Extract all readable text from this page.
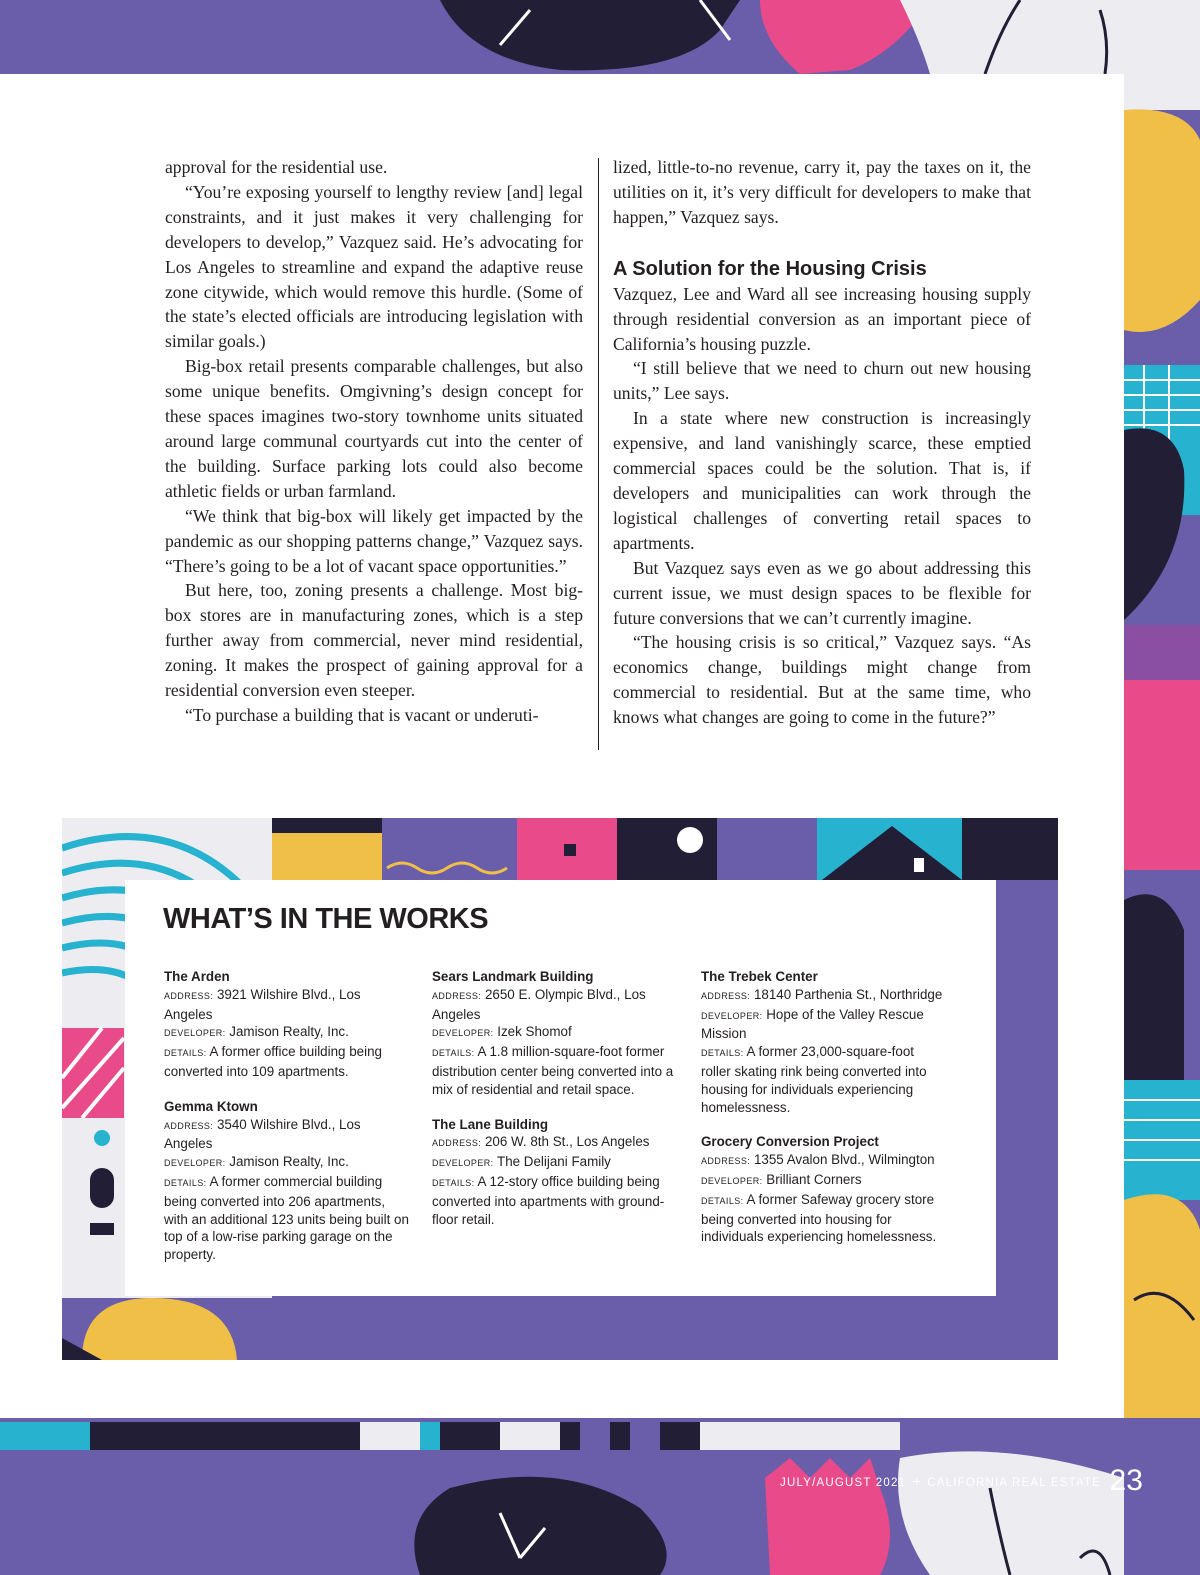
approval for the residential use.

“You’re exposing yourself to lengthy review [and] legal constraints, and it just makes it very challenging for developers to develop,” Vazquez said. He’s advocating for Los Angeles to streamline and expand the adaptive reuse zone citywide, which would remove this hurdle. (Some of the state’s elected officials are introducing legislation with similar goals.)

Big-box retail presents comparable challenges, but also some unique benefits. Omgivning’s design concept for these spaces imagines two-story townhome units situated around large communal courtyards cut into the center of the building. Surface parking lots could also become athletic fields or urban farmland.

“We think that big-box will likely get impacted by the pandemic as our shopping patterns change,” Vazquez says. “There’s going to be a lot of vacant space opportunities.”

But here, too, zoning presents a challenge. Most big-box stores are in manufacturing zones, which is a step further away from commercial, never mind residential, zoning. It makes the prospect of gaining approval for a residential conversion even steeper.

“To purchase a building that is vacant or underuti-

lized, little-to-no revenue, carry it, pay the taxes on it, the utilities on it, it’s very difficult for developers to make that happen,” Vazquez says.

A Solution for the Housing Crisis

Vazquez, Lee and Ward all see increasing housing supply through residential conversion as an important piece of California’s housing puzzle.

“I still believe that we need to churn out new housing units,” Lee says.

In a state where new construction is increasingly expensive, and land vanishingly scarce, these emptied commercial spaces could be the solution. That is, if developers and municipalities can work through the logistical challenges of converting retail spaces to apartments.

But Vazquez says even as we go about addressing this current issue, we must design spaces to be flexible for future conversions that we can’t currently imagine.

“The housing crisis is so critical,” Vazquez says. “As economics change, buildings might change from commercial to residential. But at the same time, who knows what changes are going to come in the future?”

WHAT’S IN THE WORKS
The Arden
ADDRESS: 3921 Wilshire Blvd., Los Angeles
DEVELOPER: Jamison Realty, Inc.
DETAILS: A former office building being converted into 109 apartments.
Gemma Ktown
ADDRESS: 3540 Wilshire Blvd., Los Angeles
DEVELOPER: Jamison Realty, Inc.
DETAILS: A former commercial building being converted into 206 apartments, with an additional 123 units being built on top of a low-rise parking garage on the property.
Sears Landmark Building
ADDRESS: 2650 E. Olympic Blvd., Los Angeles
DEVELOPER: Izek Shomof
DETAILS: A 1.8 million-square-foot former distribution center being converted into a mix of residential and retail space.
The Lane Building
ADDRESS: 206 W. 8th St., Los Angeles
DEVELOPER: The Delijani Family
DETAILS: A 12-story office building being converted into apartments with ground-floor retail.
The Trebek Center
ADDRESS: 18140 Parthenia St., Northridge
DEVELOPER: Hope of the Valley Rescue Mission
DETAILS: A former 23,000-square-foot roller skating rink being converted into housing for individuals experiencing homelessness.
Grocery Conversion Project
ADDRESS: 1355 Avalon Blvd., Wilmington
DEVELOPER: Brilliant Corners
DETAILS: A former Safeway grocery store being converted into housing for individuals experiencing homelessness.
JULY/AUGUST 2021 + CALIFORNIA REAL ESTATE 23
